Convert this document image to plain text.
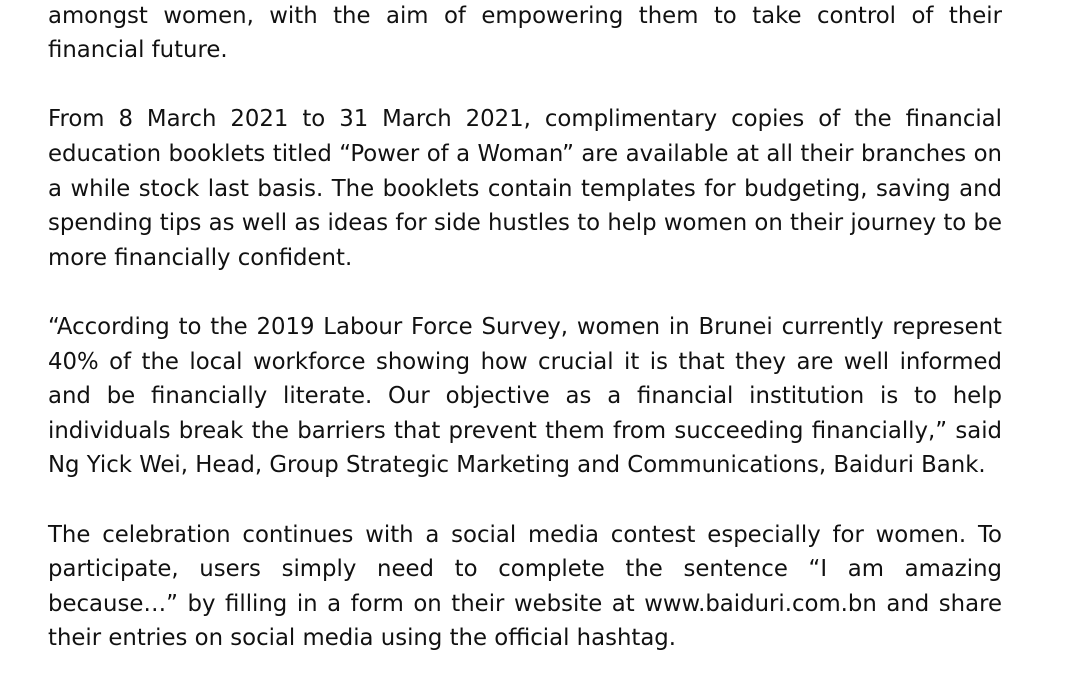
amongst women, with the aim of empowering them to take control of their financial future.

From 8 March 2021 to 31 March 2021, complimentary copies of the financial education booklets titled “Power of a Woman” are available at all their branches on a while stock last basis. The booklets contain templates for budgeting, saving and spending tips as well as ideas for side hustles to help women on their journey to be more financially confident.

“According to the 2019 Labour Force Survey, women in Brunei currently represent 40% of the local workforce showing how crucial it is that they are well informed and be financially literate. Our objective as a financial institution is to help individuals break the barriers that prevent them from succeeding financially,” said Ng Yick Wei, Head, Group Strategic Marketing and Communications, Baiduri Bank.

The celebration continues with a social media contest especially for women. To participate, users simply need to complete the sentence “I am amazing because…” by filling in a form on their website at www.baiduri.com.bn and share their entries on social media using the official hashtag.
